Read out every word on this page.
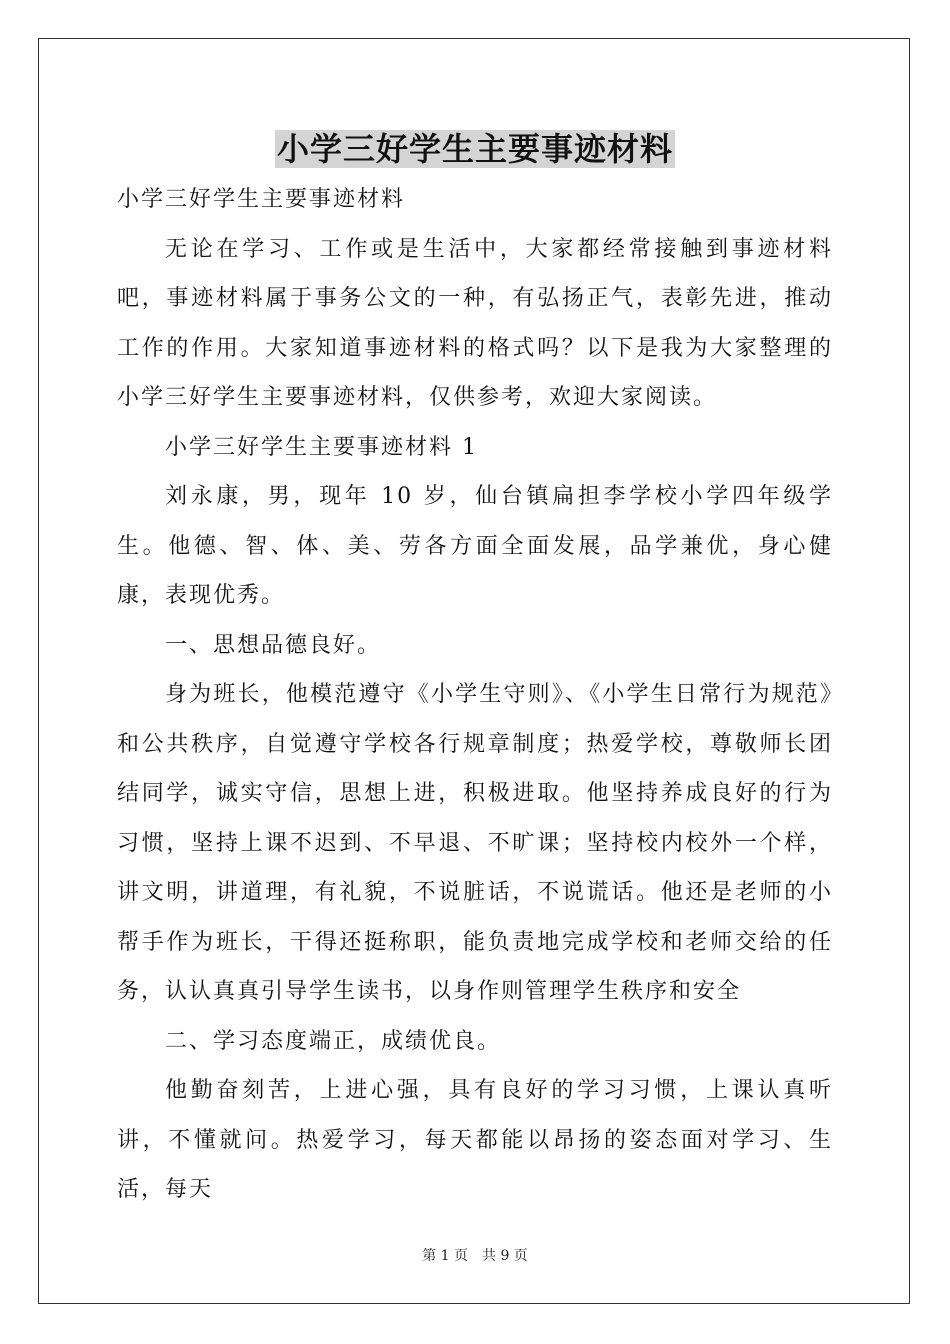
小学三好学生主要事迹材料

小学三好学生主要事迹材料

无论在学习、工作或是生活中，大家都经常接触到事迹材料吧，事迹材料属于事务公文的一种，有弘扬正气，表彰先进，推动工作的作用。大家知道事迹材料的格式吗？以下是我为大家整理的小学三好学生主要事迹材料，仅供参考，欢迎大家阅读。

小学三好学生主要事迹材料 1

刘永康，男，现年 10 岁，仙台镇扁担李学校小学四年级学生。他德、智、体、美、劳各方面全面发展，品学兼优，身心健康，表现优秀。

一、思想品德良好。

身为班长，他模范遵守《小学生守则》、《小学生日常行为规范》和公共秩序，自觉遵守学校各行规章制度；热爱学校，尊敬师长团结同学，诚实守信，思想上进，积极进取。他坚持养成良好的行为习惯，坚持上课不迟到、不早退、不旷课；坚持校内校外一个样，讲文明，讲道理，有礼貌，不说脏话，不说谎话。他还是老师的小帮手作为班长，干得还挺称职，能负责地完成学校和老师交给的任务，认认真真引导学生读书，以身作则管理学生秩序和安全

二、学习态度端正，成绩优良。

他勤奋刻苦，上进心强，具有良好的学习习惯，上课认真听讲，不懂就问。热爱学习，每天都能以昂扬的姿态面对学习、生活，每天

第 1 页 共 9 页
